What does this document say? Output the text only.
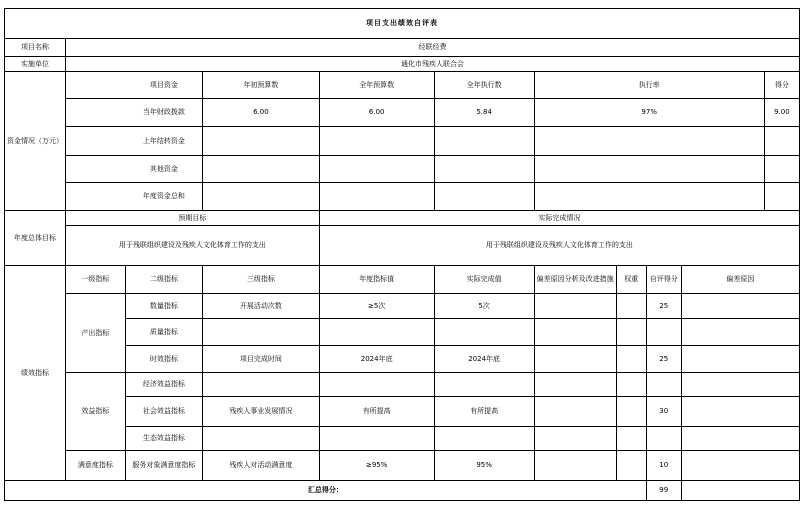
项目支出绩效自评表										
项目名称	经联经费									
实施单位	通化市残疾人联合会									
资金情况（万元）		项目资金	年初预算数	全年预算数	全年执行数	执行率				得分
		当年财政拨款	6.00	6.00	5.84	97%				9.00
		上年结转资金								
		其他资金								
		年度资金总和								
年度总体目标	预期目标			实际完成情况						
	用于残联组织建设及残疾人文化体育工作的支出			用于残联组织建设及残疾人文化体育工作的支出						
绩效指标	一级指标	二级指标	三级指标	年度指标值	实际完成值	偏差原因分析及改进措施	权重	自评得分	偏差原因	
	产出指标	数量指标	开展活动次数	≥5次	5次			25		
		质量指标								
		时效指标	项目完成时间	2024年底	2024年底			25		
	效益指标	经济效益指标								
		社会效益指标	残疾人事业发展情况	有所提高	有所提高			30		
		生态效益指标								
	满意度指标	服务对象满意度指标	残疾人对活动满意度	≥95%	95%			10		
汇总得分：								99		
